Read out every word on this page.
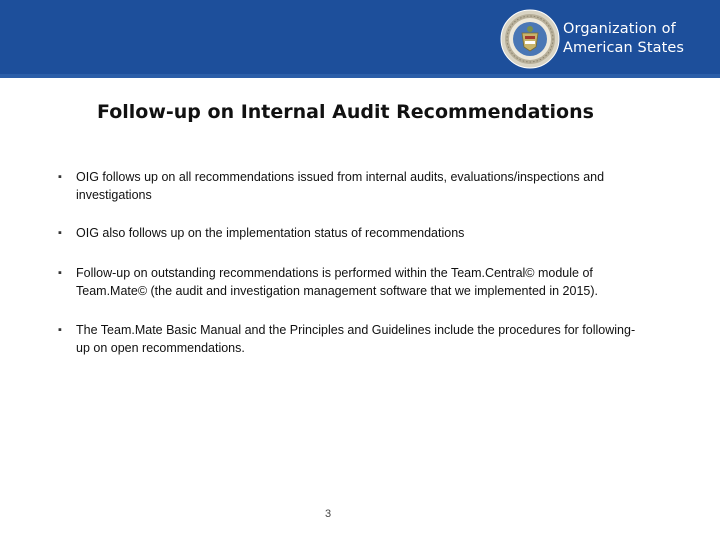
Organization of
American States
Follow-up on Internal Audit Recommendations
▪ OIG follows up on all recommendations issued from internal audits, evaluations/inspections and investigations
▪ OIG also follows up on the implementation status of recommendations
▪ Follow-up on outstanding recommendations is performed within the Team.Central© module of Team.Mate© (the audit and investigation management software that we implemented in 2015).
▪ The Team.Mate Basic Manual and the Principles and Guidelines include the procedures for following-up on open recommendations.
3
